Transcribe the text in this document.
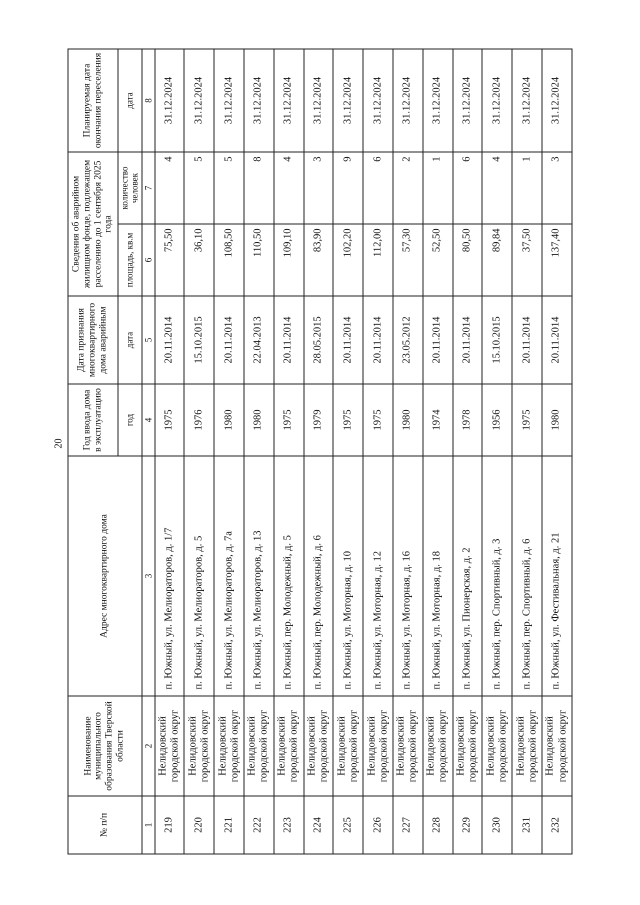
20
№ п/п	Наименование муниципального образования Тверской области	Адрес многоквартирного дома	Год ввода дома в эксплуатацию	Дата признания многоквартирного дома аварийным	Сведения об аварийном жилищном фонде, подлежащем расселению до 1 сентября 2025 года		Планируемая дата окончания переселения
			год	дата	площадь, кв.м	количество человек	дата
1	2	3	4	5	6	7	8
219	Нелидовский городской округ	п. Южный, ул. Мелиораторов, д. 1/7	1975	20.11.2014	75,50	4	31.12.2024
220	Нелидовский городской округ	п. Южный, ул. Мелиораторов, д. 5	1976	15.10.2015	36,10	5	31.12.2024
221	Нелидовский городской округ	п. Южный, ул. Мелиораторов, д. 7а	1980	20.11.2014	108,50	5	31.12.2024
222	Нелидовский городской округ	п. Южный, ул. Мелиораторов, д. 13	1980	22.04.2013	110,50	8	31.12.2024
223	Нелидовский городской округ	п. Южный, пер. Молодежный, д. 5	1975	20.11.2014	109,10	4	31.12.2024
224	Нелидовский городской округ	п. Южный, пер. Молодежный, д. 6	1979	28.05.2015	83,90	3	31.12.2024
225	Нелидовский городской округ	п. Южный, ул. Моторная, д. 10	1975	20.11.2014	102,20	9	31.12.2024
226	Нелидовский городской округ	п. Южный, ул. Моторная, д. 12	1975	20.11.2014	112,00	6	31.12.2024
227	Нелидовский городской округ	п. Южный, ул. Моторная, д. 16	1980	23.05.2012	57,30	2	31.12.2024
228	Нелидовский городской округ	п. Южный, ул. Моторная, д. 18	1974	20.11.2014	52,50	1	31.12.2024
229	Нелидовский городской округ	п. Южный, ул. Пионерская, д. 2	1978	20.11.2014	80,50	6	31.12.2024
230	Нелидовский городской округ	п. Южный, пер. Спортивный, д. 3	1956	15.10.2015	89,84	4	31.12.2024
231	Нелидовский городской округ	п. Южный, пер. Спортивный, д. 6	1975	20.11.2014	37,50	1	31.12.2024
232	Нелидовский городской округ	п. Южный, ул. Фестивальная, д. 21	1980	20.11.2014	137,40	3	31.12.2024
